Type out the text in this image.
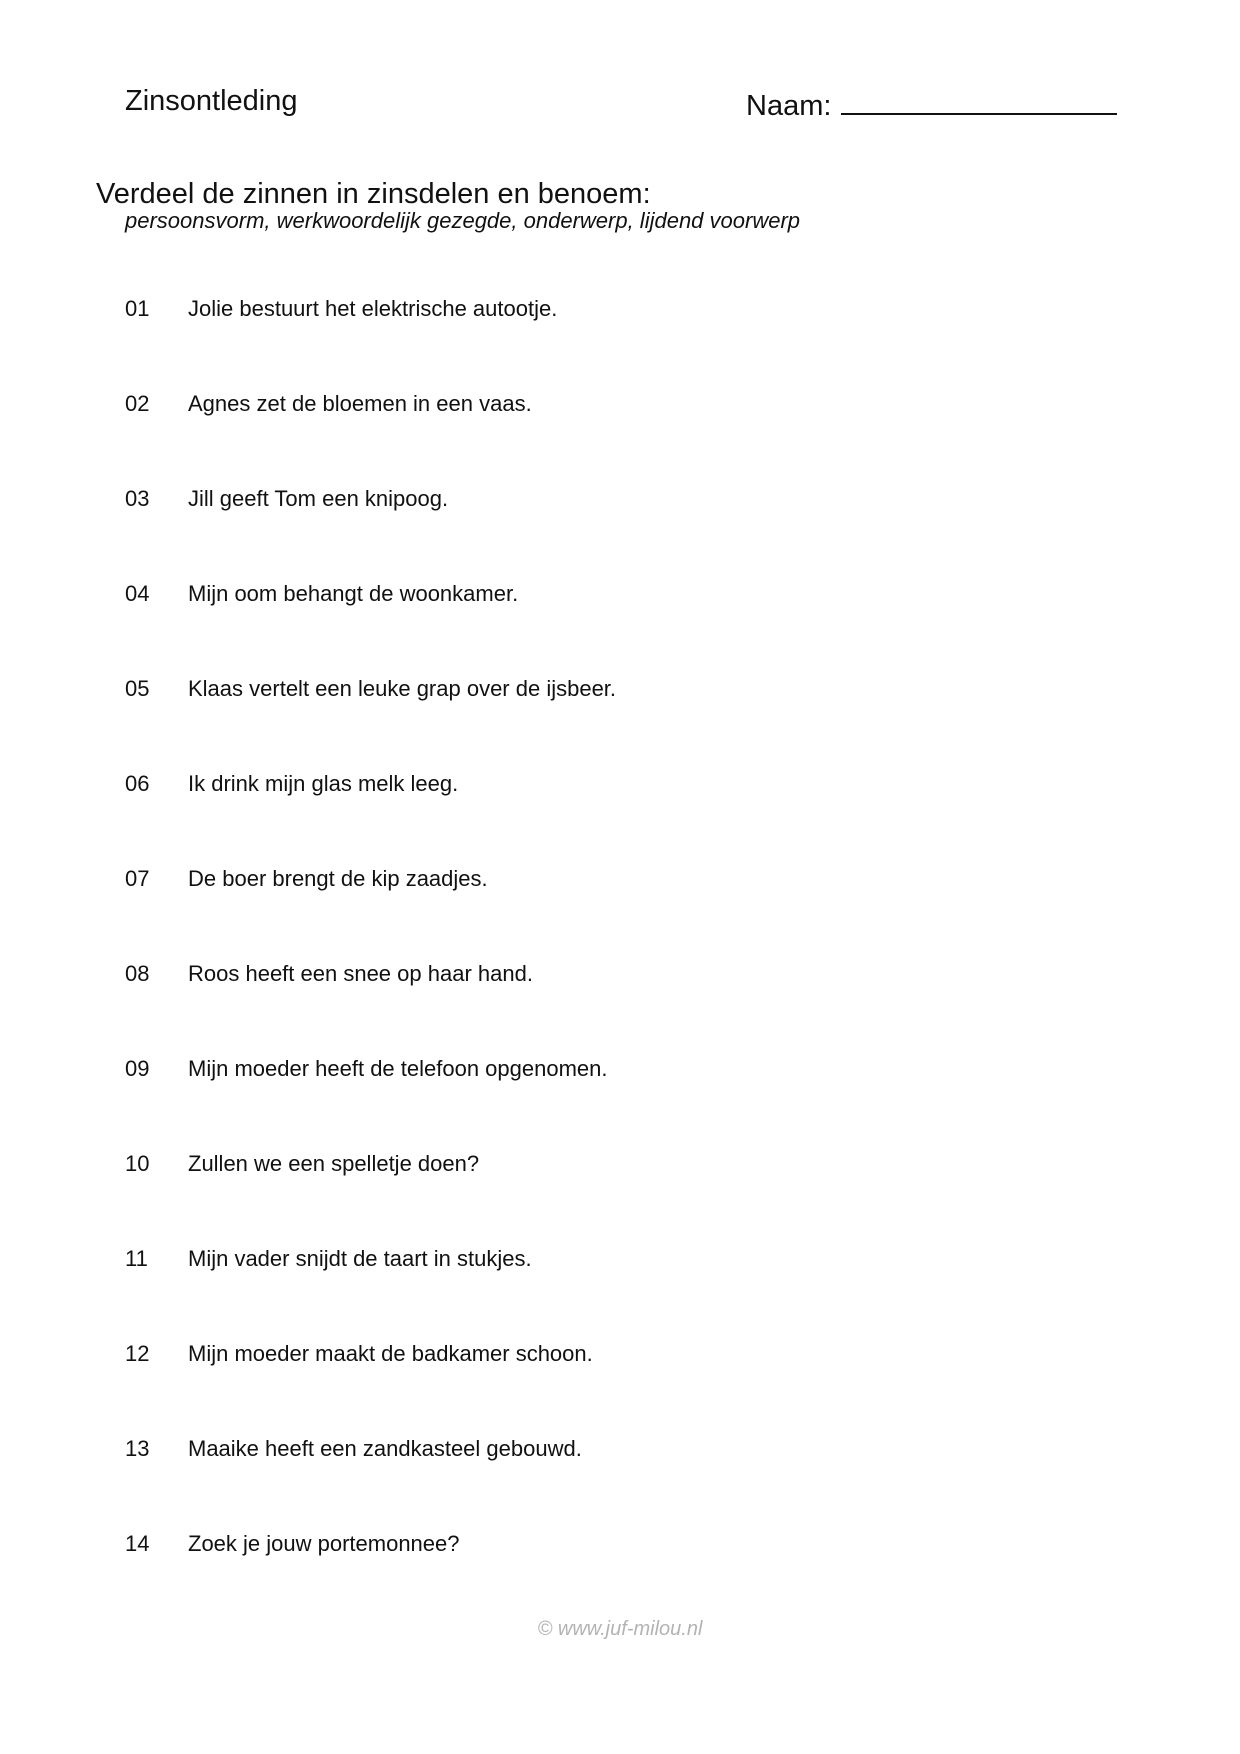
Zinsontleding	Naam:
Verdeel de zinnen in zinsdelen en benoem:
persoonsvorm, werkwoordelijk gezegde, onderwerp, lijdend voorwerp
01 Jolie bestuurt het elektrische autootje.
02 Agnes zet de bloemen in een vaas.
03 Jill geeft Tom een knipoog.
04 Mijn oom behangt de woonkamer.
05 Klaas vertelt een leuke grap over de ijsbeer.
06 Ik drink mijn glas melk leeg.
07 De boer brengt de kip zaadjes.
08 Roos heeft een snee op haar hand.
09 Mijn moeder heeft de telefoon opgenomen.
10 Zullen we een spelletje doen?
11 Mijn vader snijdt de taart in stukjes.
12 Mijn moeder maakt de badkamer schoon.
13 Maaike heeft een zandkasteel gebouwd.
14 Zoek je jouw portemonnee?
© www.juf-milou.nl
